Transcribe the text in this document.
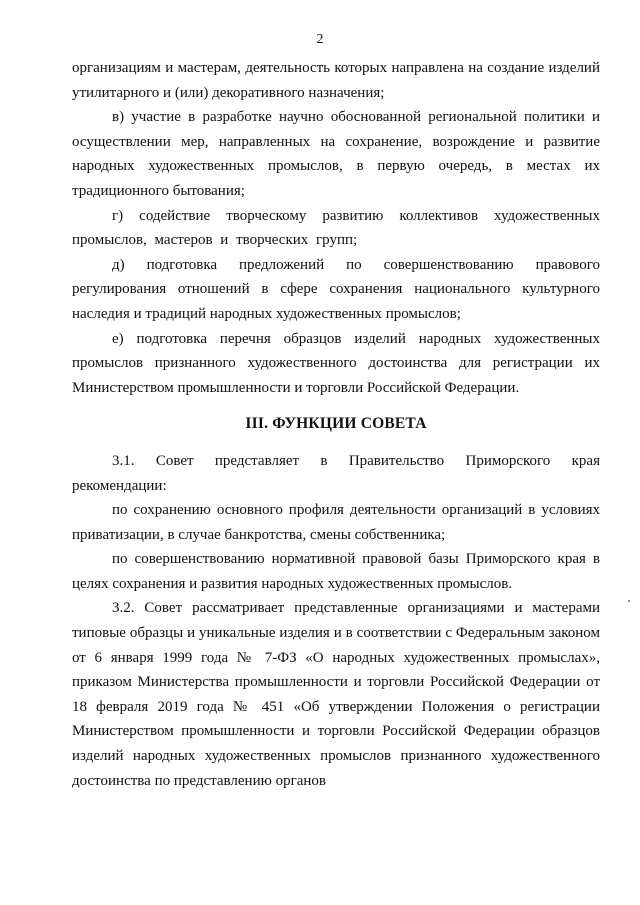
2

организациям и мастерам, деятельность которых направлена на создание изделий утилитарного и (или) декоративного назначения;

в) участие в разработке научно обоснованной региональной политики и осуществлении мер, направленных на сохранение, возрождение и развитие народных художественных промыслов, в первую очередь, в местах их традиционного бытования;

г) содействие творческому развитию коллективов художественных промыслов, мастеров и творческих групп;

д) подготовка предложений по совершенствованию правового регулирования отношений в сфере сохранения национального культурного наследия и традиций народных художественных промыслов;

е) подготовка перечня образцов изделий народных художественных промыслов признанного художественного достоинства для регистрации их Министерством промышленности и торговли Российской Федерации.

III. ФУНКЦИИ СОВЕТА

3.1. Совет представляет в Правительство Приморского края рекомендации:

по сохранению основного профиля деятельности организаций в условиях приватизации, в случае банкротства, смены собственника;

по совершенствованию нормативной правовой базы Приморского края в целях сохранения и развития народных художественных промыслов.

3.2. Совет рассматривает представленные организациями и мастерами типовые образцы и уникальные изделия и в соответствии с Федеральным законом от 6 января 1999 года № 7-ФЗ «О народных художественных промыслах», приказом Министерства промышленности и торговли Российской Федерации от 18 февраля 2019 года № 451 «Об утверждении Положения о регистрации Министерством промышленности и торговли Российской Федерации образцов изделий народных художественных промыслов признанного художественного достоинства по представлению органов
